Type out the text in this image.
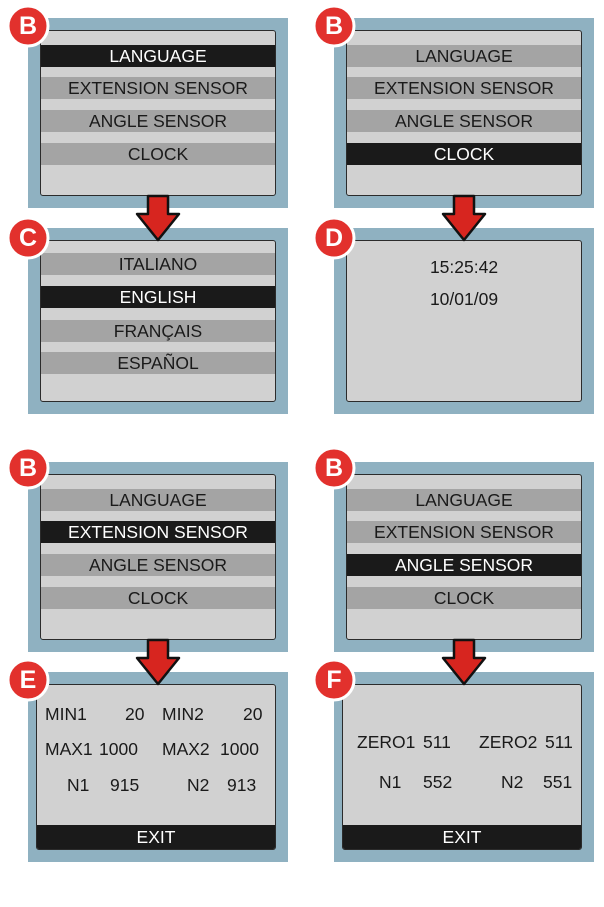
LANGUAGE
EXTENSION SENSOR
ANGLE SENSOR
CLOCK
LANGUAGE
EXTENSION SENSOR
ANGLE SENSOR
CLOCK
ITALIANO
ENGLISH
FRANÇAIS
ESPAÑOL
15:25:42
10/01/09
LANGUAGE
EXTENSION SENSOR
ANGLE SENSOR
CLOCK
LANGUAGE
EXTENSION SENSOR
ANGLE SENSOR
CLOCK
MIN1 20 MIN2 20
MAX1 1000 MAX2 1000
N1 915	N2 913
EXIT
ZERO1 511 ZERO2 511
N1 552	N2 551
EXIT
B	B
C	D
B	B
E	F
